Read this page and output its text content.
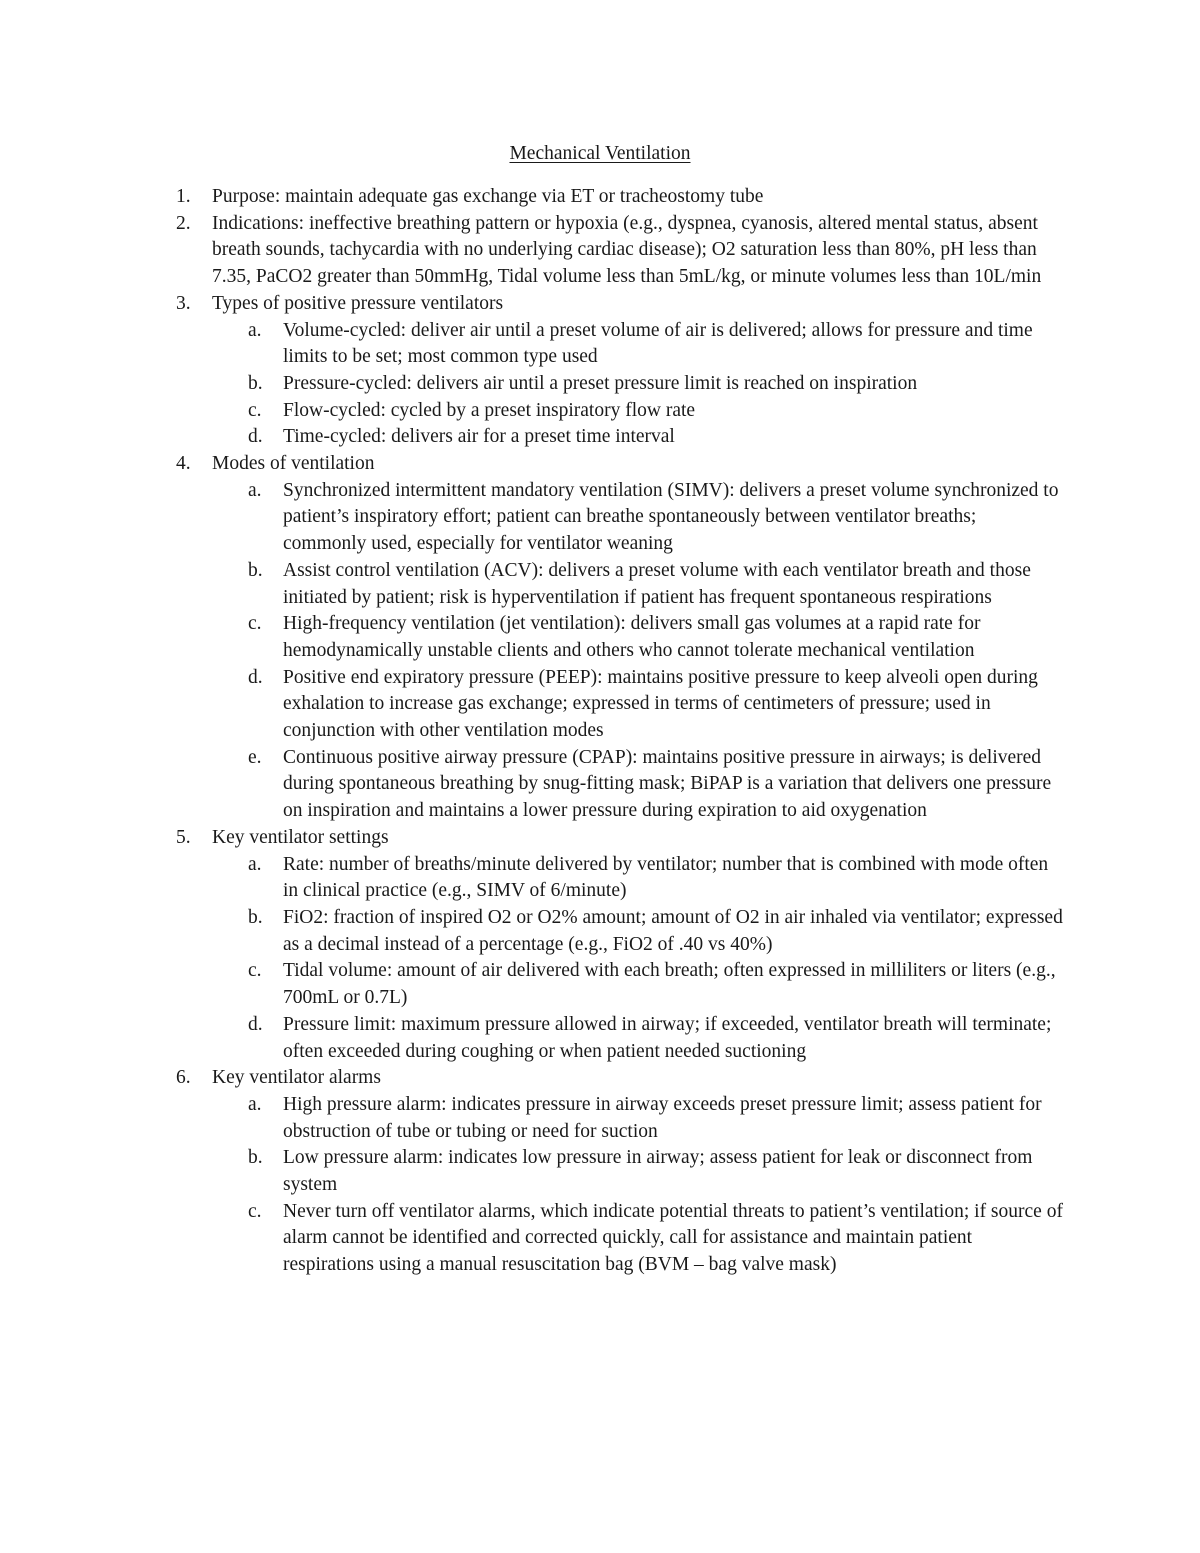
Mechanical Ventilation
1. Purpose: maintain adequate gas exchange via ET or tracheostomy tube
2. Indications: ineffective breathing pattern or hypoxia (e.g., dyspnea, cyanosis, altered mental status, absent breath sounds, tachycardia with no underlying cardiac disease); O2 saturation less than 80%, pH less than 7.35, PaCO2 greater than 50mmHg, Tidal volume less than 5mL/kg, or minute volumes less than 10L/min
3. Types of positive pressure ventilators
a. Volume-cycled: deliver air until a preset volume of air is delivered; allows for pressure and time limits to be set; most common type used
b. Pressure-cycled: delivers air until a preset pressure limit is reached on inspiration
c. Flow-cycled: cycled by a preset inspiratory flow rate
d. Time-cycled: delivers air for a preset time interval
4. Modes of ventilation
a. Synchronized intermittent mandatory ventilation (SIMV): delivers a preset volume synchronized to patient’s inspiratory effort; patient can breathe spontaneously between ventilator breaths; commonly used, especially for ventilator weaning
b. Assist control ventilation (ACV): delivers a preset volume with each ventilator breath and those initiated by patient; risk is hyperventilation if patient has frequent spontaneous respirations
c. High-frequency ventilation (jet ventilation): delivers small gas volumes at a rapid rate for hemodynamically unstable clients and others who cannot tolerate mechanical ventilation
d. Positive end expiratory pressure (PEEP): maintains positive pressure to keep alveoli open during exhalation to increase gas exchange; expressed in terms of centimeters of pressure; used in conjunction with other ventilation modes
e. Continuous positive airway pressure (CPAP): maintains positive pressure in airways; is delivered during spontaneous breathing by snug-fitting mask; BiPAP is a variation that delivers one pressure on inspiration and maintains a lower pressure during expiration to aid oxygenation
5. Key ventilator settings
a. Rate: number of breaths/minute delivered by ventilator; number that is combined with mode often in clinical practice (e.g., SIMV of 6/minute)
b. FiO2: fraction of inspired O2 or O2% amount; amount of O2 in air inhaled via ventilator; expressed as a decimal instead of a percentage (e.g., FiO2 of .40 vs 40%)
c. Tidal volume: amount of air delivered with each breath; often expressed in milliliters or liters (e.g., 700mL or 0.7L)
d. Pressure limit: maximum pressure allowed in airway; if exceeded, ventilator breath will terminate; often exceeded during coughing or when patient needed suctioning
6. Key ventilator alarms
a. High pressure alarm: indicates pressure in airway exceeds preset pressure limit; assess patient for obstruction of tube or tubing or need for suction
b. Low pressure alarm: indicates low pressure in airway; assess patient for leak or disconnect from system
c. Never turn off ventilator alarms, which indicate potential threats to patient’s ventilation; if source of alarm cannot be identified and corrected quickly, call for assistance and maintain patient respirations using a manual resuscitation bag (BVM – bag valve mask)
